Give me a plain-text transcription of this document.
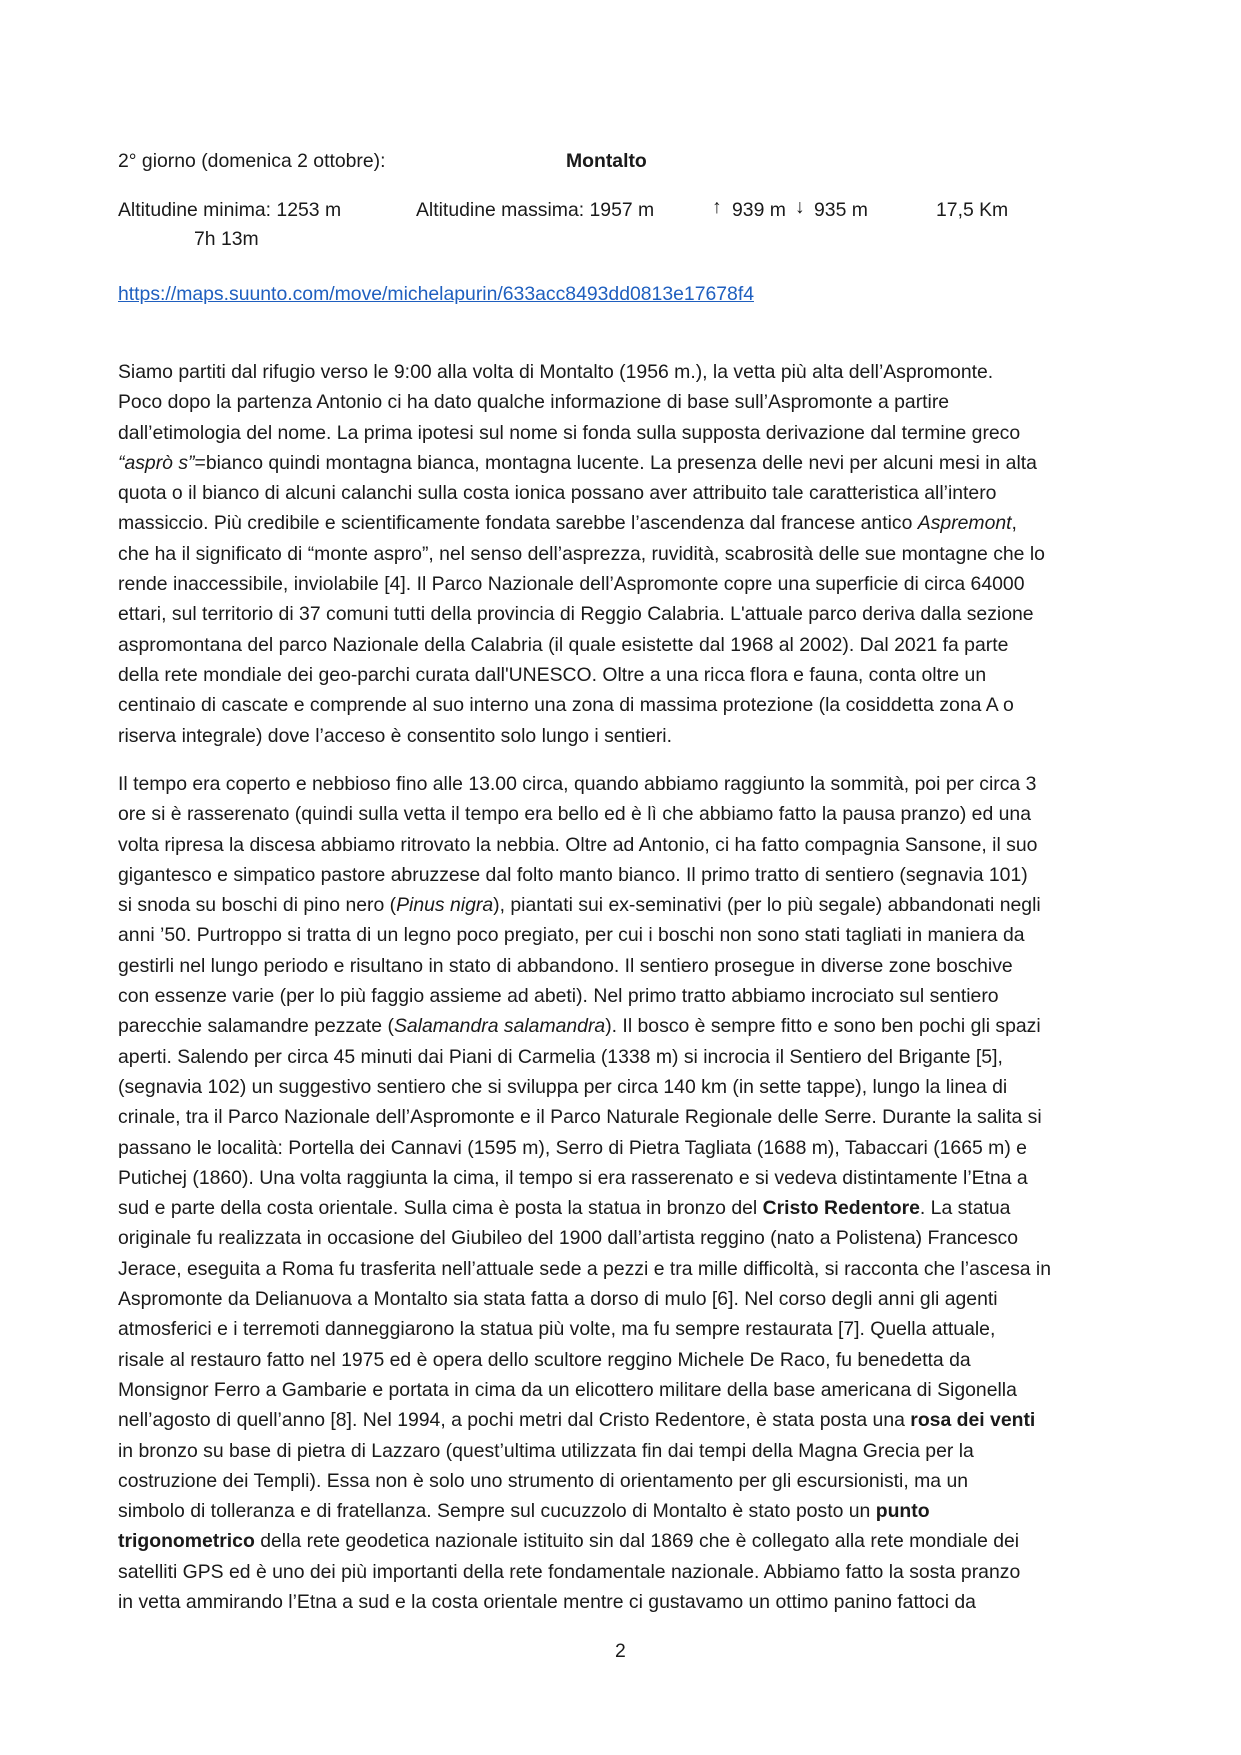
2° giorno (domenica 2 ottobre):	Montalto
Altitudine minima: 1253 m	Altitudine massima: 1957 m	↑ 939 m ↓ 935 m	17,5 Km
7h 13m
https://maps.suunto.com/move/michelapurin/633acc8493dd0813e17678f4
Siamo partiti dal rifugio verso le 9:00 alla volta di Montalto (1956 m.), la vetta più alta dell’Aspromonte.
Poco dopo la partenza Antonio ci ha dato qualche informazione di base sull’Aspromonte a partire
dall’etimologia del nome. La prima ipotesi sul nome si fonda sulla supposta derivazione dal termine greco
“asprò s”=bianco quindi montagna bianca, montagna lucente. La presenza delle nevi per alcuni mesi in alta
quota o il bianco di alcuni calanchi sulla costa ionica possano aver attribuito tale caratteristica all’intero
massiccio. Più credibile e scientificamente fondata sarebbe l’ascendenza dal francese antico Aspremont,
che ha il significato di “monte aspro”, nel senso dell’asprezza, ruvidità, scabrosità delle sue montagne che lo
rende inaccessibile, inviolabile [4]. Il Parco Nazionale dell’Aspromonte copre una superficie di circa 64000
ettari, sul territorio di 37 comuni tutti della provincia di Reggio Calabria. L'attuale parco deriva dalla sezione
aspromontana del parco Nazionale della Calabria (il quale esistette dal 1968 al 2002). Dal 2021 fa parte
della rete mondiale dei geo-parchi curata dall'UNESCO. Oltre a una ricca flora e fauna, conta oltre un
centinaio di cascate e comprende al suo interno una zona di massima protezione (la cosiddetta zona A o
riserva integrale) dove l’acceso è consentito solo lungo i sentieri.
Il tempo era coperto e nebbioso fino alle 13.00 circa, quando abbiamo raggiunto la sommità, poi per circa 3
ore si è rasserenato (quindi sulla vetta il tempo era bello ed è lì che abbiamo fatto la pausa pranzo) ed una
volta ripresa la discesa abbiamo ritrovato la nebbia. Oltre ad Antonio, ci ha fatto compagnia Sansone, il suo
gigantesco e simpatico pastore abruzzese dal folto manto bianco. Il primo tratto di sentiero (segnavia 101)
si snoda su boschi di pino nero (Pinus nigra), piantati sui ex-seminativi (per lo più segale) abbandonati negli
anni ’50. Purtroppo si tratta di un legno poco pregiato, per cui i boschi non sono stati tagliati in maniera da
gestirli nel lungo periodo e risultano in stato di abbandono. Il sentiero prosegue in diverse zone boschive
con essenze varie (per lo più faggio assieme ad abeti). Nel primo tratto abbiamo incrociato sul sentiero
parecchie salamandre pezzate (Salamandra salamandra). Il bosco è sempre fitto e sono ben pochi gli spazi
aperti. Salendo per circa 45 minuti dai Piani di Carmelia (1338 m) si incrocia il Sentiero del Brigante [5],
(segnavia 102) un suggestivo sentiero che si sviluppa per circa 140 km (in sette tappe), lungo la linea di
crinale, tra il Parco Nazionale dell’Aspromonte e il Parco Naturale Regionale delle Serre. Durante la salita si
passano le località: Portella dei Cannavi (1595 m), Serro di Pietra Tagliata (1688 m), Tabaccari (1665 m) e
Putichej (1860). Una volta raggiunta la cima, il tempo si era rasserenato e si vedeva distintamente l’Etna a
sud e parte della costa orientale. Sulla cima è posta la statua in bronzo del Cristo Redentore. La statua
originale fu realizzata in occasione del Giubileo del 1900 dall’artista reggino (nato a Polistena) Francesco
Jerace, eseguita a Roma fu trasferita nell’attuale sede a pezzi e tra mille difficoltà, si racconta che l’ascesa in
Aspromonte da Delianuova a Montalto sia stata fatta a dorso di mulo [6]. Nel corso degli anni gli agenti
atmosferici e i terremoti danneggiarono la statua più volte, ma fu sempre restaurata [7]. Quella attuale,
risale al restauro fatto nel 1975 ed è opera dello scultore reggino Michele De Raco, fu benedetta da
Monsignor Ferro a Gambarie e portata in cima da un elicottero militare della base americana di Sigonella
nell’agosto di quell’anno [8]. Nel 1994, a pochi metri dal Cristo Redentore, è stata posta una rosa dei venti
in bronzo su base di pietra di Lazzaro (quest’ultima utilizzata fin dai tempi della Magna Grecia per la
costruzione dei Templi). Essa non è solo uno strumento di orientamento per gli escursionisti, ma un
simbolo di tolleranza e di fratellanza. Sempre sul cucuzzolo di Montalto è stato posto un punto
trigonometrico della rete geodetica nazionale istituito sin dal 1869 che è collegato alla rete mondiale dei
satelliti GPS ed è uno dei più importanti della rete fondamentale nazionale. Abbiamo fatto la sosta pranzo
in vetta ammirando l’Etna a sud e la costa orientale mentre ci gustavamo un ottimo panino fattoci da
2
